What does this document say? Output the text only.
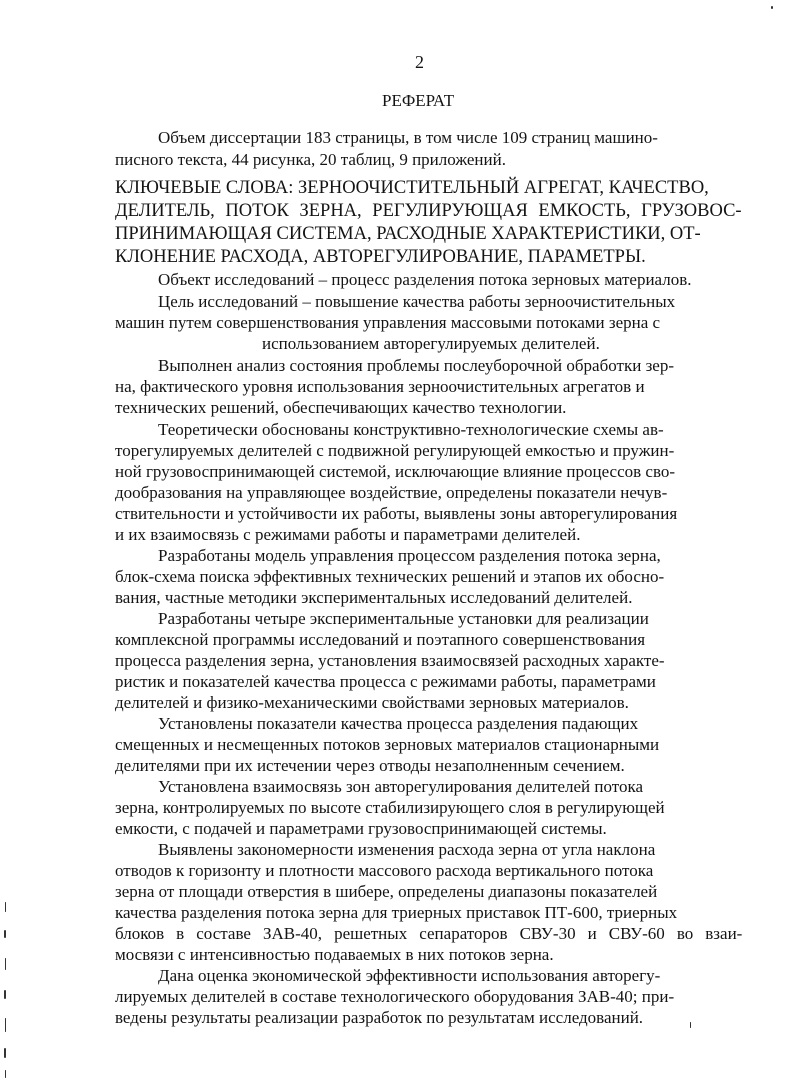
2
РЕФЕРАТ
Объем диссертации 183 страницы, в том числе 109 страниц машино-
писного текста, 44 рисунка, 20 таблиц, 9 приложений.
КЛЮЧЕВЫЕ СЛОВА: ЗЕРНООЧИСТИТЕЛЬНЫЙ АГРЕГАТ, КАЧЕСТВО,
ДЕЛИТЕЛЬ, ПОТОК ЗЕРНА, РЕГУЛИРУЮЩАЯ ЕМКОСТЬ, ГРУЗОВОС-
ПРИНИМАЮЩАЯ СИСТЕМА, РАСХОДНЫЕ ХАРАКТЕРИСТИКИ, ОТ-
КЛОНЕНИЕ РАСХОДА, АВТОРЕГУЛИРОВАНИЕ, ПАРАМЕТРЫ.
Объект исследований – процесс разделения потока зерновых материалов.
Цель исследований – повышение качества работы зерноочистительных
машин путем совершенствования управления массовыми потоками зерна с
использованием авторегулируемых делителей.
Выполнен анализ состояния проблемы послеуборочной обработки зер-
на, фактического уровня использования зерноочистительных агрегатов и
технических решений, обеспечивающих качество технологии.
Теоретически обоснованы конструктивно-технологические схемы ав-
торегулируемых делителей с подвижной регулирующей емкостью и пружин-
ной грузовоспринимающей системой, исключающие влияние процессов сво-
дообразования на управляющее воздействие, определены показатели нечув-
ствительности и устойчивости их работы, выявлены зоны авторегулирования
и их взаимосвязь с режимами работы и параметрами делителей.
Разработаны модель управления процессом разделения потока зерна,
блок-схема поиска эффективных технических решений и этапов их обосно-
вания, частные методики экспериментальных исследований делителей.
Разработаны четыре экспериментальные установки для реализации
комплексной программы исследований и поэтапного совершенствования
процесса разделения зерна, установления взаимосвязей расходных характе-
ристик и показателей качества процесса с режимами работы, параметрами
делителей и физико-механическими свойствами зерновых материалов.
Установлены показатели качества процесса разделения падающих
смещенных и несмещенных потоков зерновых материалов стационарными
делителями при их истечении через отводы незаполненным сечением.
Установлена взаимосвязь зон авторегулирования делителей потока
зерна, контролируемых по высоте стабилизирующего слоя в регулирующей
емкости, с подачей и параметрами грузовоспринимающей системы.
Выявлены закономерности изменения расхода зерна от угла наклона
отводов к горизонту и плотности массового расхода вертикального потока
зерна от площади отверстия в шибере, определены диапазоны показателей
качества разделения потока зерна для триерных приставок ПТ-600, триерных
блоков в составе ЗАВ-40, решетных сепараторов СВУ-30 и СВУ-60 во взаи-
мосвязи с интенсивностью подаваемых в них потоков зерна.
Дана оценка экономической эффективности использования авторегу-
лируемых делителей в составе технологического оборудования ЗАВ-40; при-
ведены результаты реализации разработок по результатам исследований.
